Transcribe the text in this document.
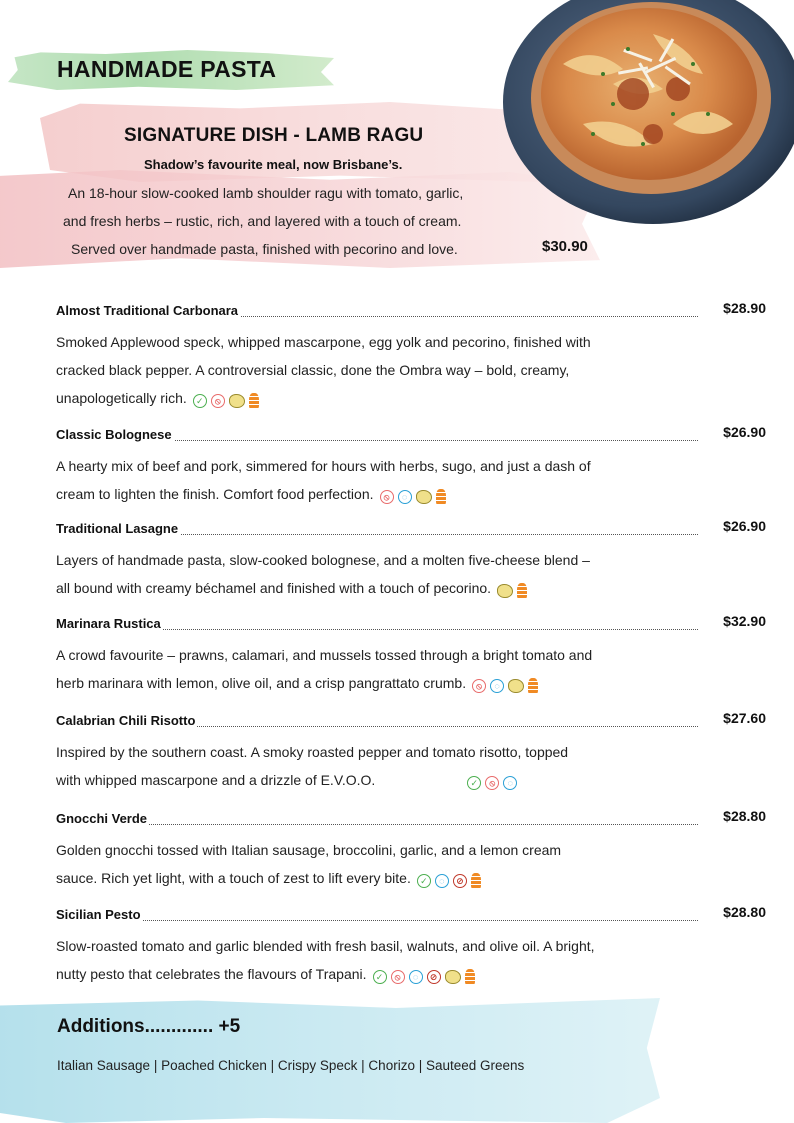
HANDMADE PASTA
SIGNATURE DISH - LAMB RAGU
Shadow’s favourite meal, now Brisbane’s.
An 18-hour slow-cooked lamb shoulder ragu with tomato, garlic,
and fresh herbs – rustic, rich, and layered with a touch of cream.
Served over handmade pasta, finished with pecorino and love.	$30.90
Almost Traditional Carbonara	$28.90
Smoked Applewood speck, whipped mascarpone, egg yolk and pecorino, finished with
cracked black pepper. A controversial classic, done the Ombra way – bold, creamy,
unapologetically rich. ✓ ⦸
Classic Bolognese	$26.90
A hearty mix of beef and pork, simmered for hours with herbs, sugo, and just a dash of
cream to lighten the finish. Comfort food perfection. ⦸ ◌
Traditional Lasagne	$26.90
Layers of handmade pasta, slow-cooked bolognese, and a molten five-cheese blend –
all bound with creamy béchamel and finished with a touch of pecorino.
Marinara Rustica	$32.90
A crowd favourite – prawns, calamari, and mussels tossed through a bright tomato and
herb marinara with lemon, olive oil, and a crisp pangrattato crumb. ⦸ ◌
Calabrian Chili Risotto	$27.60
Inspired by the southern coast. A smoky roasted pepper and tomato risotto, topped
with whipped mascarpone and a drizzle of E.V.O.O.	✓ ⦸ ◌
Gnocchi Verde	$28.80
Golden gnocchi tossed with Italian sausage, broccolini, garlic, and a lemon cream
sauce. Rich yet light, with a touch of zest to lift every bite. ✓ ◌ ⊘
Sicilian Pesto	$28.80
Slow-roasted tomato and garlic blended with fresh basil, walnuts, and olive oil. A bright,
nutty pesto that celebrates the flavours of Trapani. ✓ ⦸ ◌ ⊘
Additions............. +5
Italian Sausage | Poached Chicken | Crispy Speck | Chorizo | Sauteed Greens
